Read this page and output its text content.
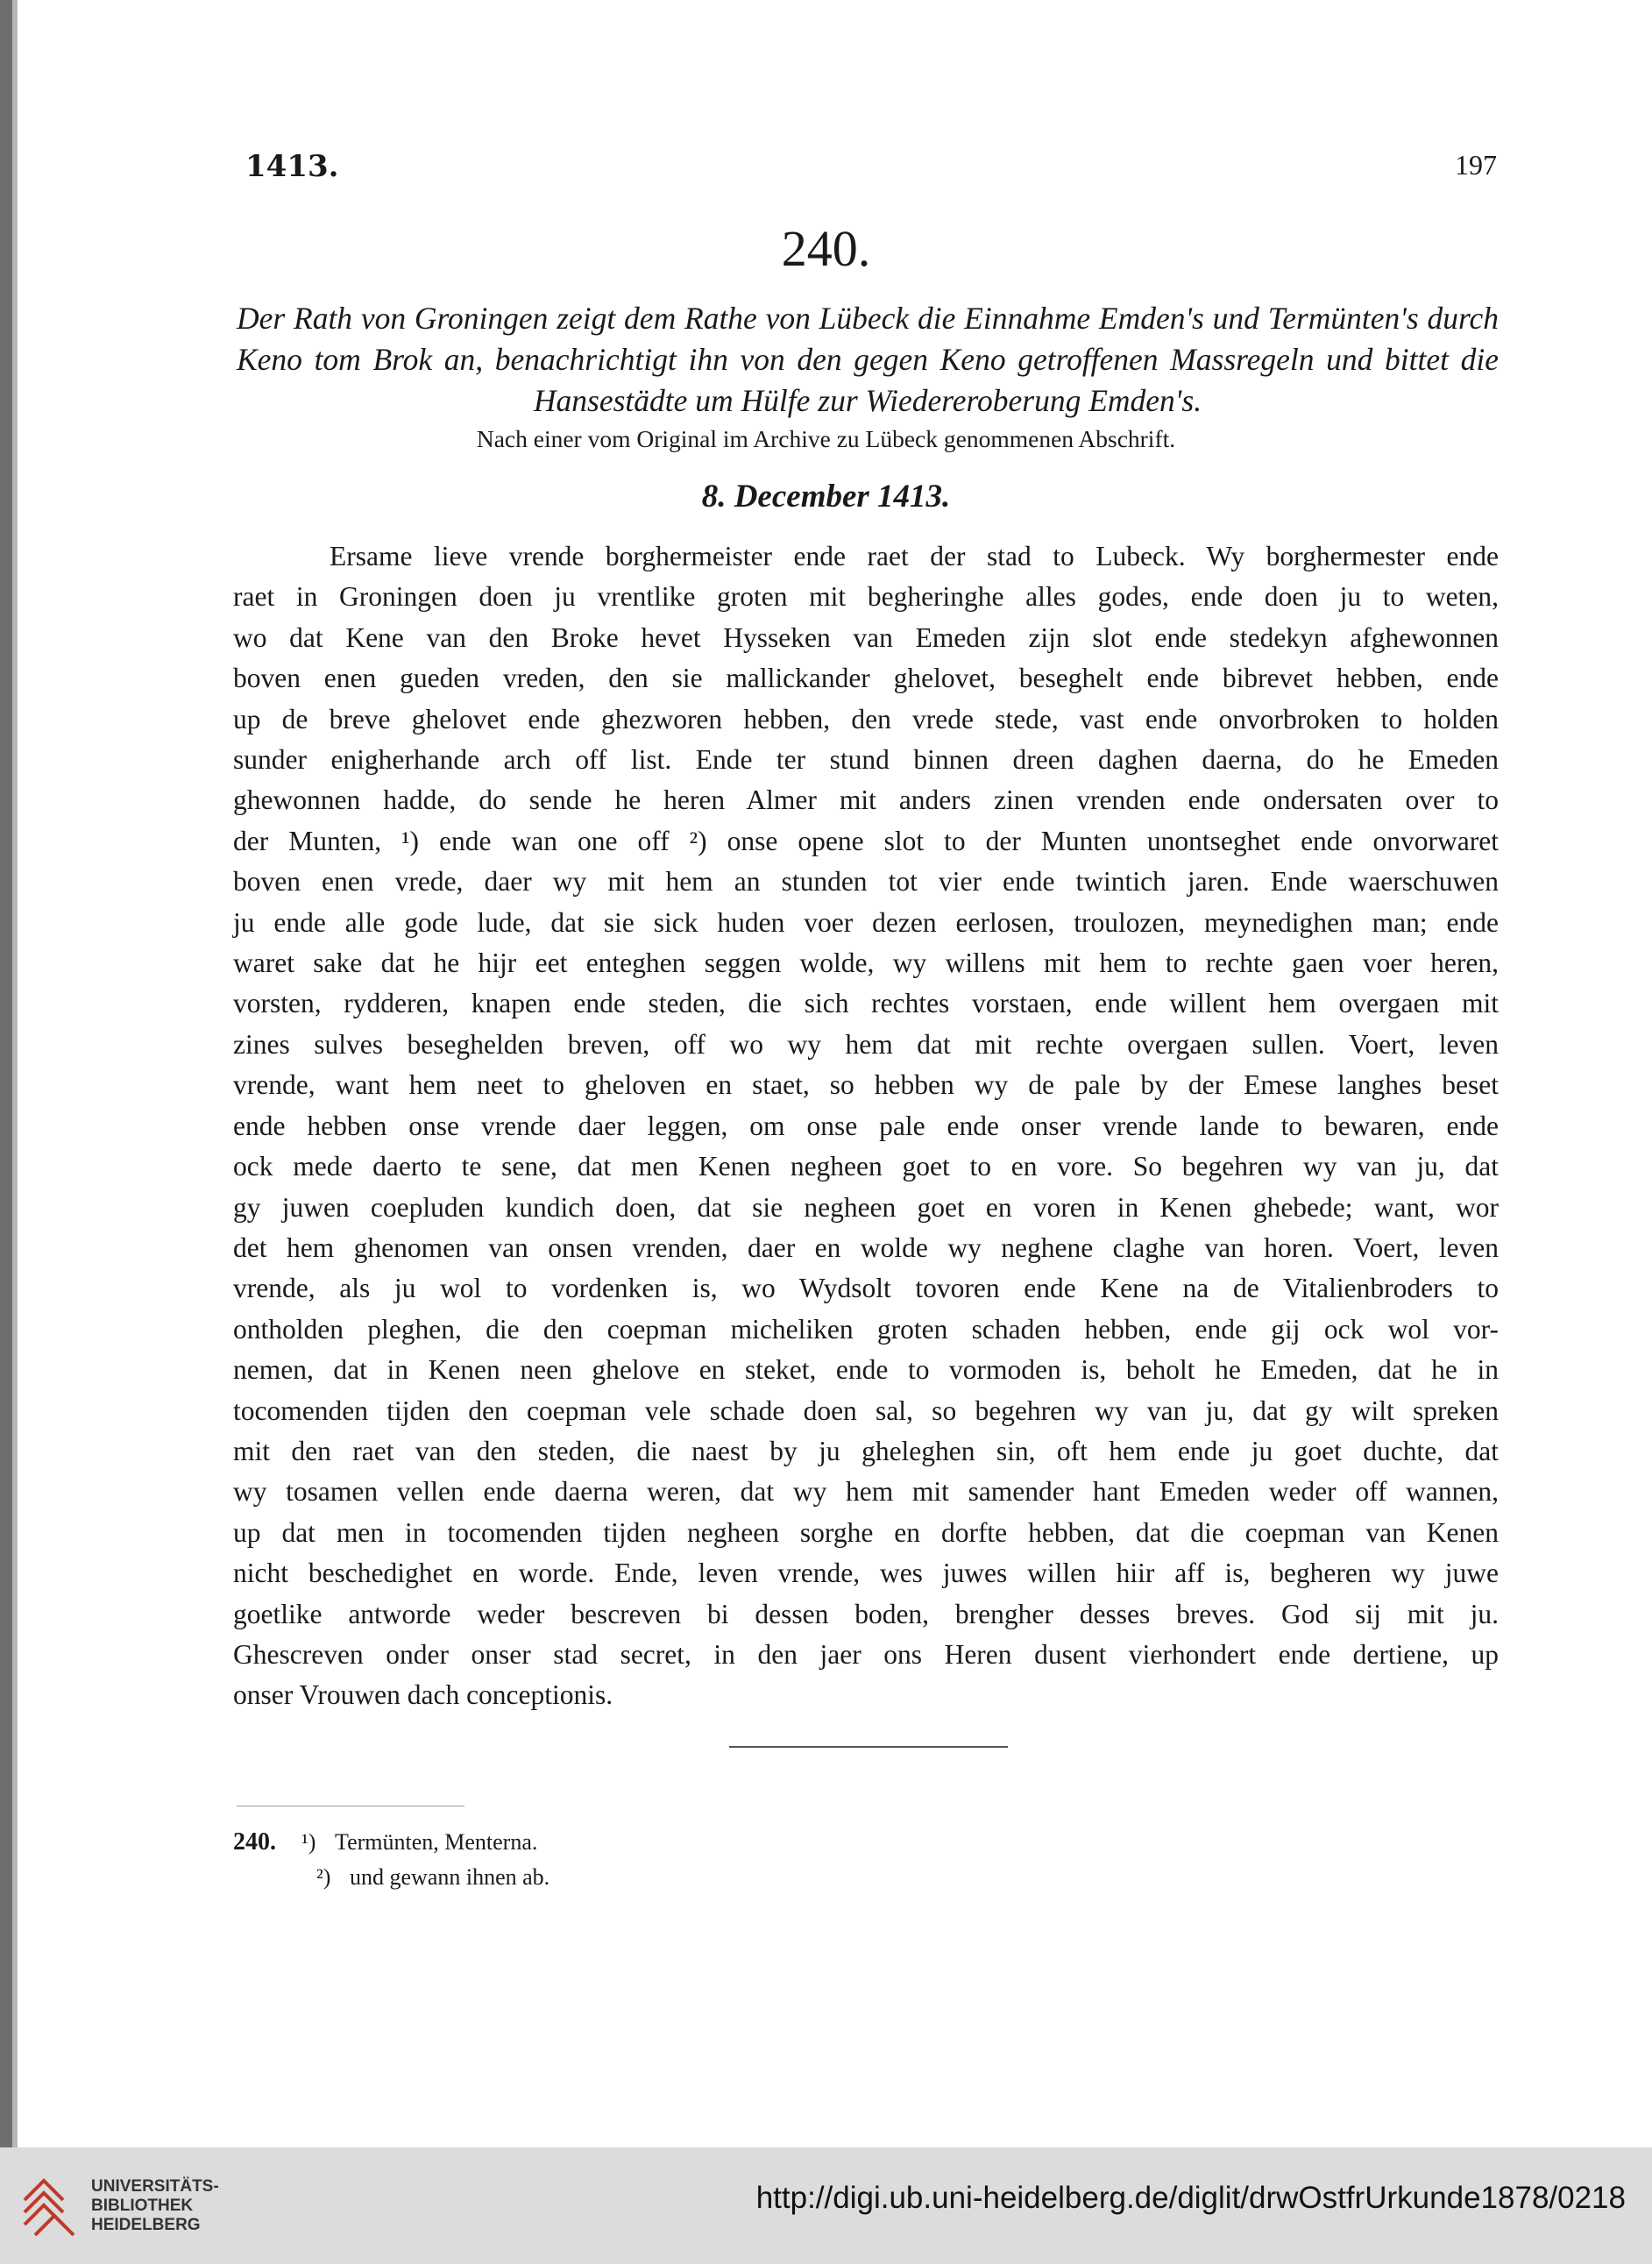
1413.	197
240.
Der Rath von Groningen zeigt dem Rathe von Lübeck die Einnahme Emden's und Termünten's durch
Keno tom Brok an, benachrichtigt ihn von den gegen Keno getroffenen Massregeln und bittet die
Hansestädte um Hülfe zur Wiedereroberung Emden's.
Nach einer vom Original im Archive zu Lübeck genommenen Abschrift.
8. December 1413.
Ersame lieve vrende borghermeister ende raet der stad to Lubeck. Wy borghermester ende
raet in Groningen doen ju vrentlike groten mit begheringhe alles godes, ende doen ju to weten,
wo dat Kene van den Broke hevet Hysseken van Emeden zijn slot ende stedekyn afghewonnen
boven enen gueden vreden, den sie mallickander ghelovet, beseghelt ende bibrevet hebben, ende
up de breve ghelovet ende ghezworen hebben, den vrede stede, vast ende onvorbroken to holden
sunder enigherhande arch off list. Ende ter stund binnen dreen daghen daerna, do he Emeden
ghewonnen hadde, do sende he heren Almer mit anders zinen vrenden ende ondersaten over to
der Munten, ¹) ende wan one off ²) onse opene slot to der Munten unontseghet ende onvorwaret
boven enen vrede, daer wy mit hem an stunden tot vier ende twintich jaren. Ende waerschuwen
ju ende alle gode lude, dat sie sick huden voer dezen eerlosen, troulozen, meynedighen man; ende
waret sake dat he hijr eet enteghen seggen wolde, wy willens mit hem to rechte gaen voer heren,
vorsten, rydderen, knapen ende steden, die sich rechtes vorstaen, ende willent hem overgaen mit
zines sulves beseghelden breven, off wo wy hem dat mit rechte overgaen sullen. Voert, leven
vrende, want hem neet to gheloven en staet, so hebben wy de pale by der Emese langhes beset
ende hebben onse vrende daer leggen, om onse pale ende onser vrende lande to bewaren, ende
ock mede daerto te sene, dat men Kenen negheen goet to en vore. So begehren wy van ju, dat
gy juwen coepluden kundich doen, dat sie negheen goet en voren in Kenen ghebede; want, wor
det hem ghenomen van onsen vrenden, daer en wolde wy neghene claghe van horen. Voert, leven
vrende, als ju wol to vordenken is, wo Wydsolt tovoren ende Kene na de Vitalienbroders to
ontholden pleghen, die den coepman micheliken groten schaden hebben, ende gij ock wol vor-
nemen, dat in Kenen neen ghelove en steket, ende to vormoden is, beholt he Emeden, dat he in
tocomenden tijden den coepman vele schade doen sal, so begehren wy van ju, dat gy wilt spreken
mit den raet van den steden, die naest by ju gheleghen sin, oft hem ende ju goet duchte, dat
wy tosamen vellen ende daerna weren, dat wy hem mit samender hant Emeden weder off wannen,
up dat men in tocomenden tijden negheen sorghe en dorfte hebben, dat die coepman van Kenen
nicht beschedighet en worde. Ende, leven vrende, wes juwes willen hiir aff is, begheren wy juwe
goetlike antworde weder bescreven bi dessen boden, brengher desses breves. God sij mit ju.
Ghescreven onder onser stad secret, in den jaer ons Heren dusent vierhondert ende dertiene, up
onser Vrouwen dach conceptionis.
240. ¹) Termünten, Menterna.
²) und gewann ihnen ab.
UNIVERSITÄTS-
BIBLIOTHEK
HEIDELBERG
http://digi.ub.uni-heidelberg.de/diglit/drwOstfrUrkunde1878/0218
